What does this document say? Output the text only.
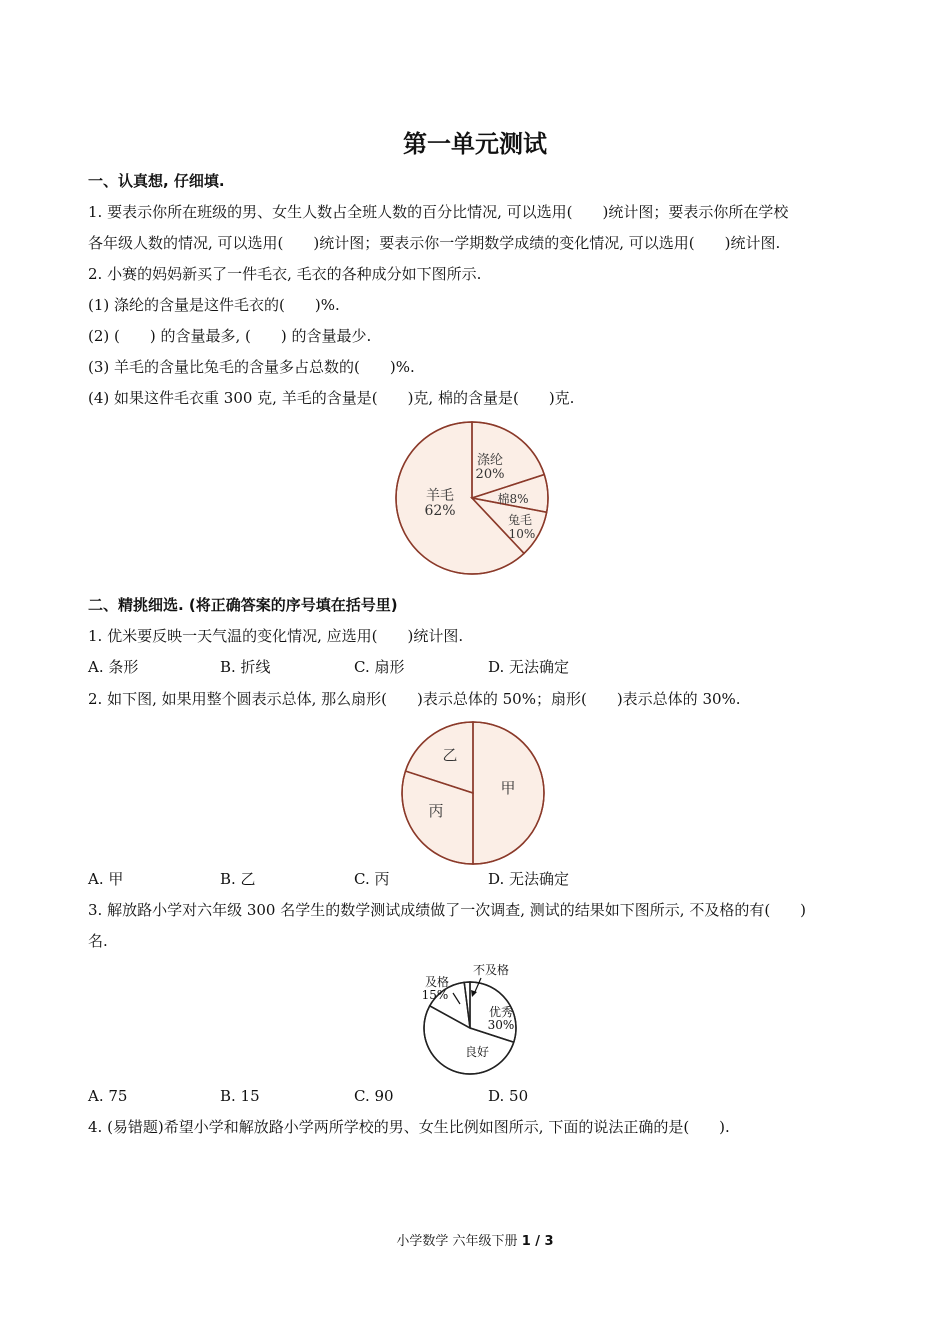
第一单元测试
一、认真想, 仔细填.
1. 要表示你所在班级的男、女生人数占全班人数的百分比情况, 可以选用(　　)统计图；要表示你所在学校
各年级人数的情况, 可以选用(　　)统计图；要表示你一学期数学成绩的变化情况, 可以选用(　　)统计图.
2. 小赛的妈妈新买了一件毛衣, 毛衣的各种成分如下图所示.
(1) 涤纶的含量是这件毛衣的(　　)%.
(2) (　　) 的含量最多, (　　) 的含量最少.
(3) 羊毛的含量比兔毛的含量多占总数的(　　)%.
(4) 如果这件毛衣重 300 克, 羊毛的含量是(　　)克, 棉的含量是(　　)克.
涤纶
20%
棉8%
兔毛
10%
羊毛
62%
二、精挑细选. (将正确答案的序号填在括号里)
1. 优米要反映一天气温的变化情况, 应选用(　　)统计图.
A. 条形	B. 折线	C. 扇形	D. 无法确定
2. 如下图, 如果用整个圆表示总体, 那么扇形(　　)表示总体的 50%；扇形(　　)表示总体的 30%.
甲
丙
乙
A. 甲	B. 乙	C. 丙	D. 无法确定
3. 解放路小学对六年级 300 名学生的数学测试成绩做了一次调查, 测试的结果如下图所示, 不及格的有(　　)
名.
优秀
30%
良好
及格
15%
不及格
A. 75	B. 15	C. 90	D. 50
4. (易错题)希望小学和解放路小学两所学校的男、女生比例如图所示, 下面的说法正确的是(　　).
小学数学 六年级下册 1 / 3
